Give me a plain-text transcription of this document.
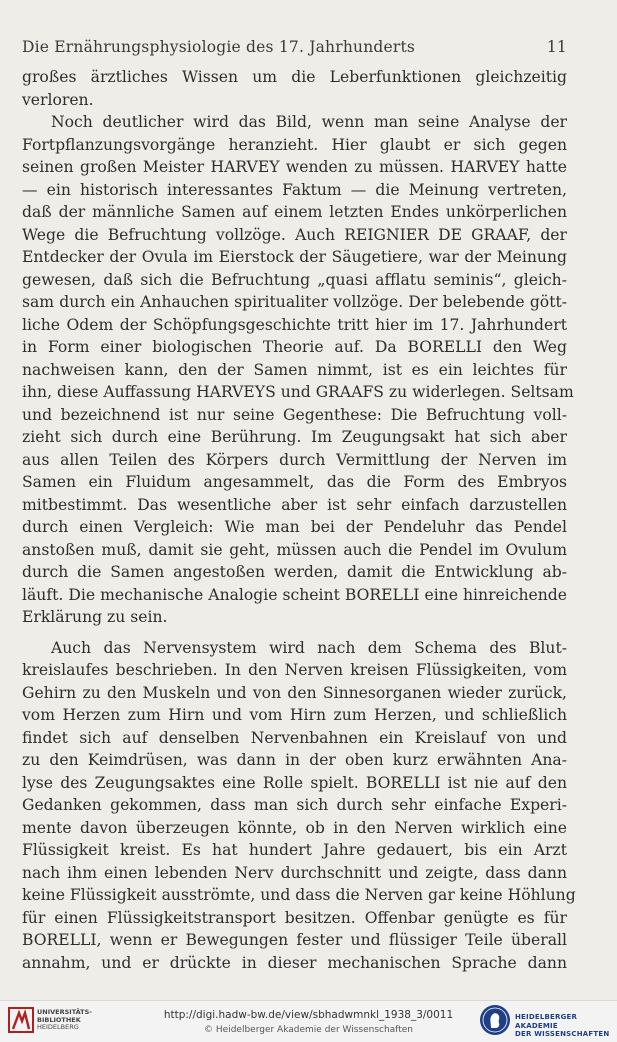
Die Ernährungsphysiologie des 17. Jahrhunderts	11
großes ärztliches Wissen um die Leberfunktionen gleichzeitig
verloren.
Noch deutlicher wird das Bild, wenn man seine Analyse der
Fortpflanzungsvorgänge heranzieht. Hier glaubt er sich gegen
seinen großen Meister HARVEY wenden zu müssen. HARVEY hatte
— ein historisch interessantes Faktum — die Meinung vertreten,
daß der männliche Samen auf einem letzten Endes unkörperlichen
Wege die Befruchtung vollzöge. Auch REIGNIER DE GRAAF, der
Entdecker der Ovula im Eierstock der Säugetiere, war der Meinung
gewesen, daß sich die Befruchtung „quasi afflatu seminis“, gleich-
sam durch ein Anhauchen spiritualiter vollzöge. Der belebende gött-
liche Odem der Schöpfungsgeschichte tritt hier im 17. Jahrhundert
in Form einer biologischen Theorie auf. Da BORELLI den Weg
nachweisen kann, den der Samen nimmt, ist es ein leichtes für
ihn, diese Auffassung HARVEYS und GRAAFS zu widerlegen. Seltsam
und bezeichnend ist nur seine Gegenthese: Die Befruchtung voll-
zieht sich durch eine Berührung. Im Zeugungsakt hat sich aber
aus allen Teilen des Körpers durch Vermittlung der Nerven im
Samen ein Fluidum angesammelt, das die Form des Embryos
mitbestimmt. Das wesentliche aber ist sehr einfach darzustellen
durch einen Vergleich: Wie man bei der Pendeluhr das Pendel
anstoßen muß, damit sie geht, müssen auch die Pendel im Ovulum
durch die Samen angestoßen werden, damit die Entwicklung ab-
läuft. Die mechanische Analogie scheint BORELLI eine hinreichende
Erklärung zu sein.
Auch das Nervensystem wird nach dem Schema des Blut-
kreislaufes beschrieben. In den Nerven kreisen Flüssigkeiten, vom
Gehirn zu den Muskeln und von den Sinnesorganen wieder zurück,
vom Herzen zum Hirn und vom Hirn zum Herzen, und schließlich
findet sich auf denselben Nervenbahnen ein Kreislauf von und
zu den Keimdrüsen, was dann in der oben kurz erwähnten Ana-
lyse des Zeugungsaktes eine Rolle spielt. BORELLI ist nie auf den
Gedanken gekommen, dass man sich durch sehr einfache Experi-
mente davon überzeugen könnte, ob in den Nerven wirklich eine
Flüssigkeit kreist. Es hat hundert Jahre gedauert, bis ein Arzt
nach ihm einen lebenden Nerv durchschnitt und zeigte, dass dann
keine Flüssigkeit ausströmte, und dass die Nerven gar keine Höhlung
für einen Flüssigkeitstransport besitzen. Offenbar genügte es für
BORELLI, wenn er Bewegungen fester und flüssiger Teile überall
annahm, und er drückte in dieser mechanischen Sprache dann
UNIVERSITÄTS-
BIBLIOTHEK
HEIDELBERG
http://digi.hadw-bw.de/view/sbhadwmnkl_1938_3/0011
© Heidelberger Akademie der Wissenschaften
HEIDELBERGER AKADEMIE
DER WISSENSCHAFTEN
